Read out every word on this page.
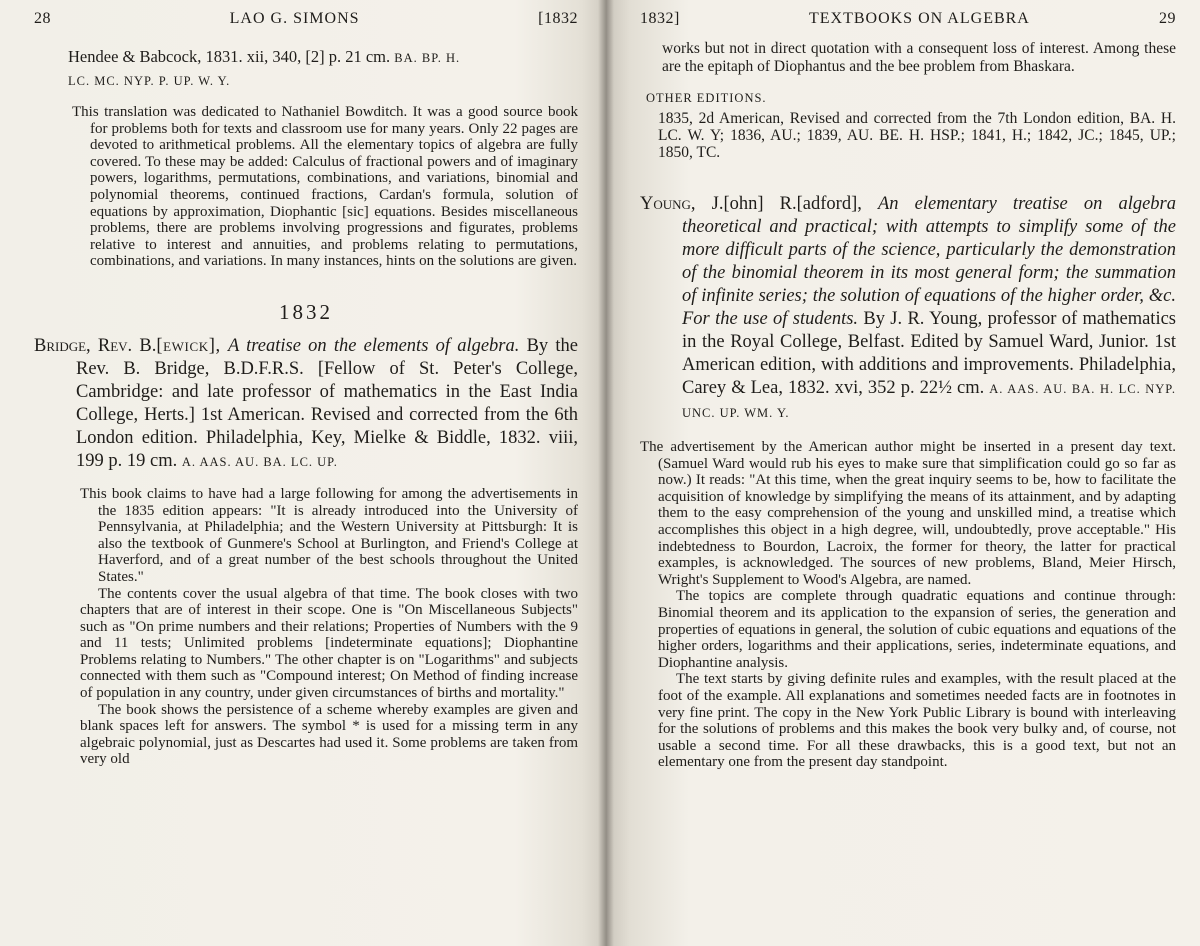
28	LAO G. SIMONS	[1832
Hendee & Babcock, 1831. xii, 340, [2] p. 21 cm. BA. BP. H.
LC. MC. NYP. P. UP. W. Y.

This translation was dedicated to Nathaniel Bowditch. It was a good source book for problems both for texts and classroom use for many years. Only 22 pages are devoted to arithmetical problems. All the elementary topics of algebra are fully covered. To these may be added: Calculus of fractional powers and of imaginary powers, logarithms, permutations, combinations, and variations, binomial and polynomial theorems, continued fractions, Cardan's formula, solution of equations by approximation, Diophantic [sic] equations. Besides miscellaneous problems, there are problems involving progressions and figurates, problems relative to interest and annuities, and problems relating to permutations, combinations, and variations. In many instances, hints on the solutions are given.

1832
Bridge, Rev. B.[ewick], A treatise on the elements of algebra. By the Rev. B. Bridge, B.D.F.R.S. [Fellow of St. Peter's College, Cambridge: and late professor of mathematics in the East India College, Herts.] 1st American. Revised and corrected from the 6th London edition. Philadelphia, Key, Mielke & Biddle, 1832. viii, 199 p. 19 cm. A. AAS. AU. BA. LC. UP.

This book claims to have had a large following for among the advertisements in the 1835 edition appears: "It is already introduced into the University of Pennsylvania, at Philadelphia; and the Western University at Pittsburgh: It is also the textbook of Gunmere's School at Burlington, and Friend's College at Haverford, and of a great number of the best schools throughout the United States."

The contents cover the usual algebra of that time. The book closes with two chapters that are of interest in their scope. One is "On Miscellaneous Subjects" such as "On prime numbers and their relations; Properties of Numbers with the 9 and 11 tests; Unlimited problems [indeterminate equations]; Diophantine Problems relating to Numbers." The other chapter is on "Logarithms" and subjects connected with them such as "Compound interest; On Method of finding increase of population in any country, under given circumstances of births and mortality."

The book shows the persistence of a scheme whereby examples are given and blank spaces left for answers. The symbol * is used for a missing term in any algebraic polynomial, just as Descartes had used it. Some problems are taken from very old

1832]	TEXTBOOKS ON ALGEBRA	29

works but not in direct quotation with a consequent loss of interest. Among these are the epitaph of Diophantus and the bee problem from Bhaskara.

OTHER EDITIONS.
1835, 2d American, Revised and corrected from the 7th London edition, BA. H. LC. W. Y; 1836, AU.; 1839, AU. BE. H. HSP.; 1841, H.; 1842, JC.; 1845, UP.; 1850, TC.
Young, J.[ohn] R.[adford], An elementary treatise on algebra theoretical and practical; with attempts to simplify some of the more difficult parts of the science, particularly the demonstration of the binomial theorem in its most general form; the summation of infinite series; the solution of equations of the higher order, &c. For the use of students. By J. R. Young, professor of mathematics in the Royal College, Belfast. Edited by Samuel Ward, Junior. 1st American edition, with additions and improvements. Philadelphia, Carey & Lea, 1832. xvi, 352 p. 22½ cm. A. AAS. AU. BA. H. LC. NYP. UNC. UP. WM. Y.

The advertisement by the American author might be inserted in a present day text. (Samuel Ward would rub his eyes to make sure that simplification could go so far as now.) It reads: "At this time, when the great inquiry seems to be, how to facilitate the acquisition of knowledge by simplifying the means of its attainment, and by adapting them to the easy comprehension of the young and unskilled mind, a treatise which accomplishes this object in a high degree, will, undoubtedly, prove acceptable." His indebtedness to Bourdon, Lacroix, the former for theory, the latter for practical examples, is acknowledged. The sources of new problems, Bland, Meier Hirsch, Wright's Supplement to Wood's Algebra, are named.

The topics are complete through quadratic equations and continue through: Binomial theorem and its application to the expansion of series, the generation and properties of equations in general, the solution of cubic equations and equations of the higher orders, logarithms and their applications, series, indeterminate equations, and Diophantine analysis.

The text starts by giving definite rules and examples, with the result placed at the foot of the example. All explanations and sometimes needed facts are in footnotes in very fine print. The copy in the New York Public Library is bound with interleaving for the solutions of problems and this makes the book very bulky and, of course, not usable a second time. For all these drawbacks, this is a good text, but not an elementary one from the present day standpoint.
